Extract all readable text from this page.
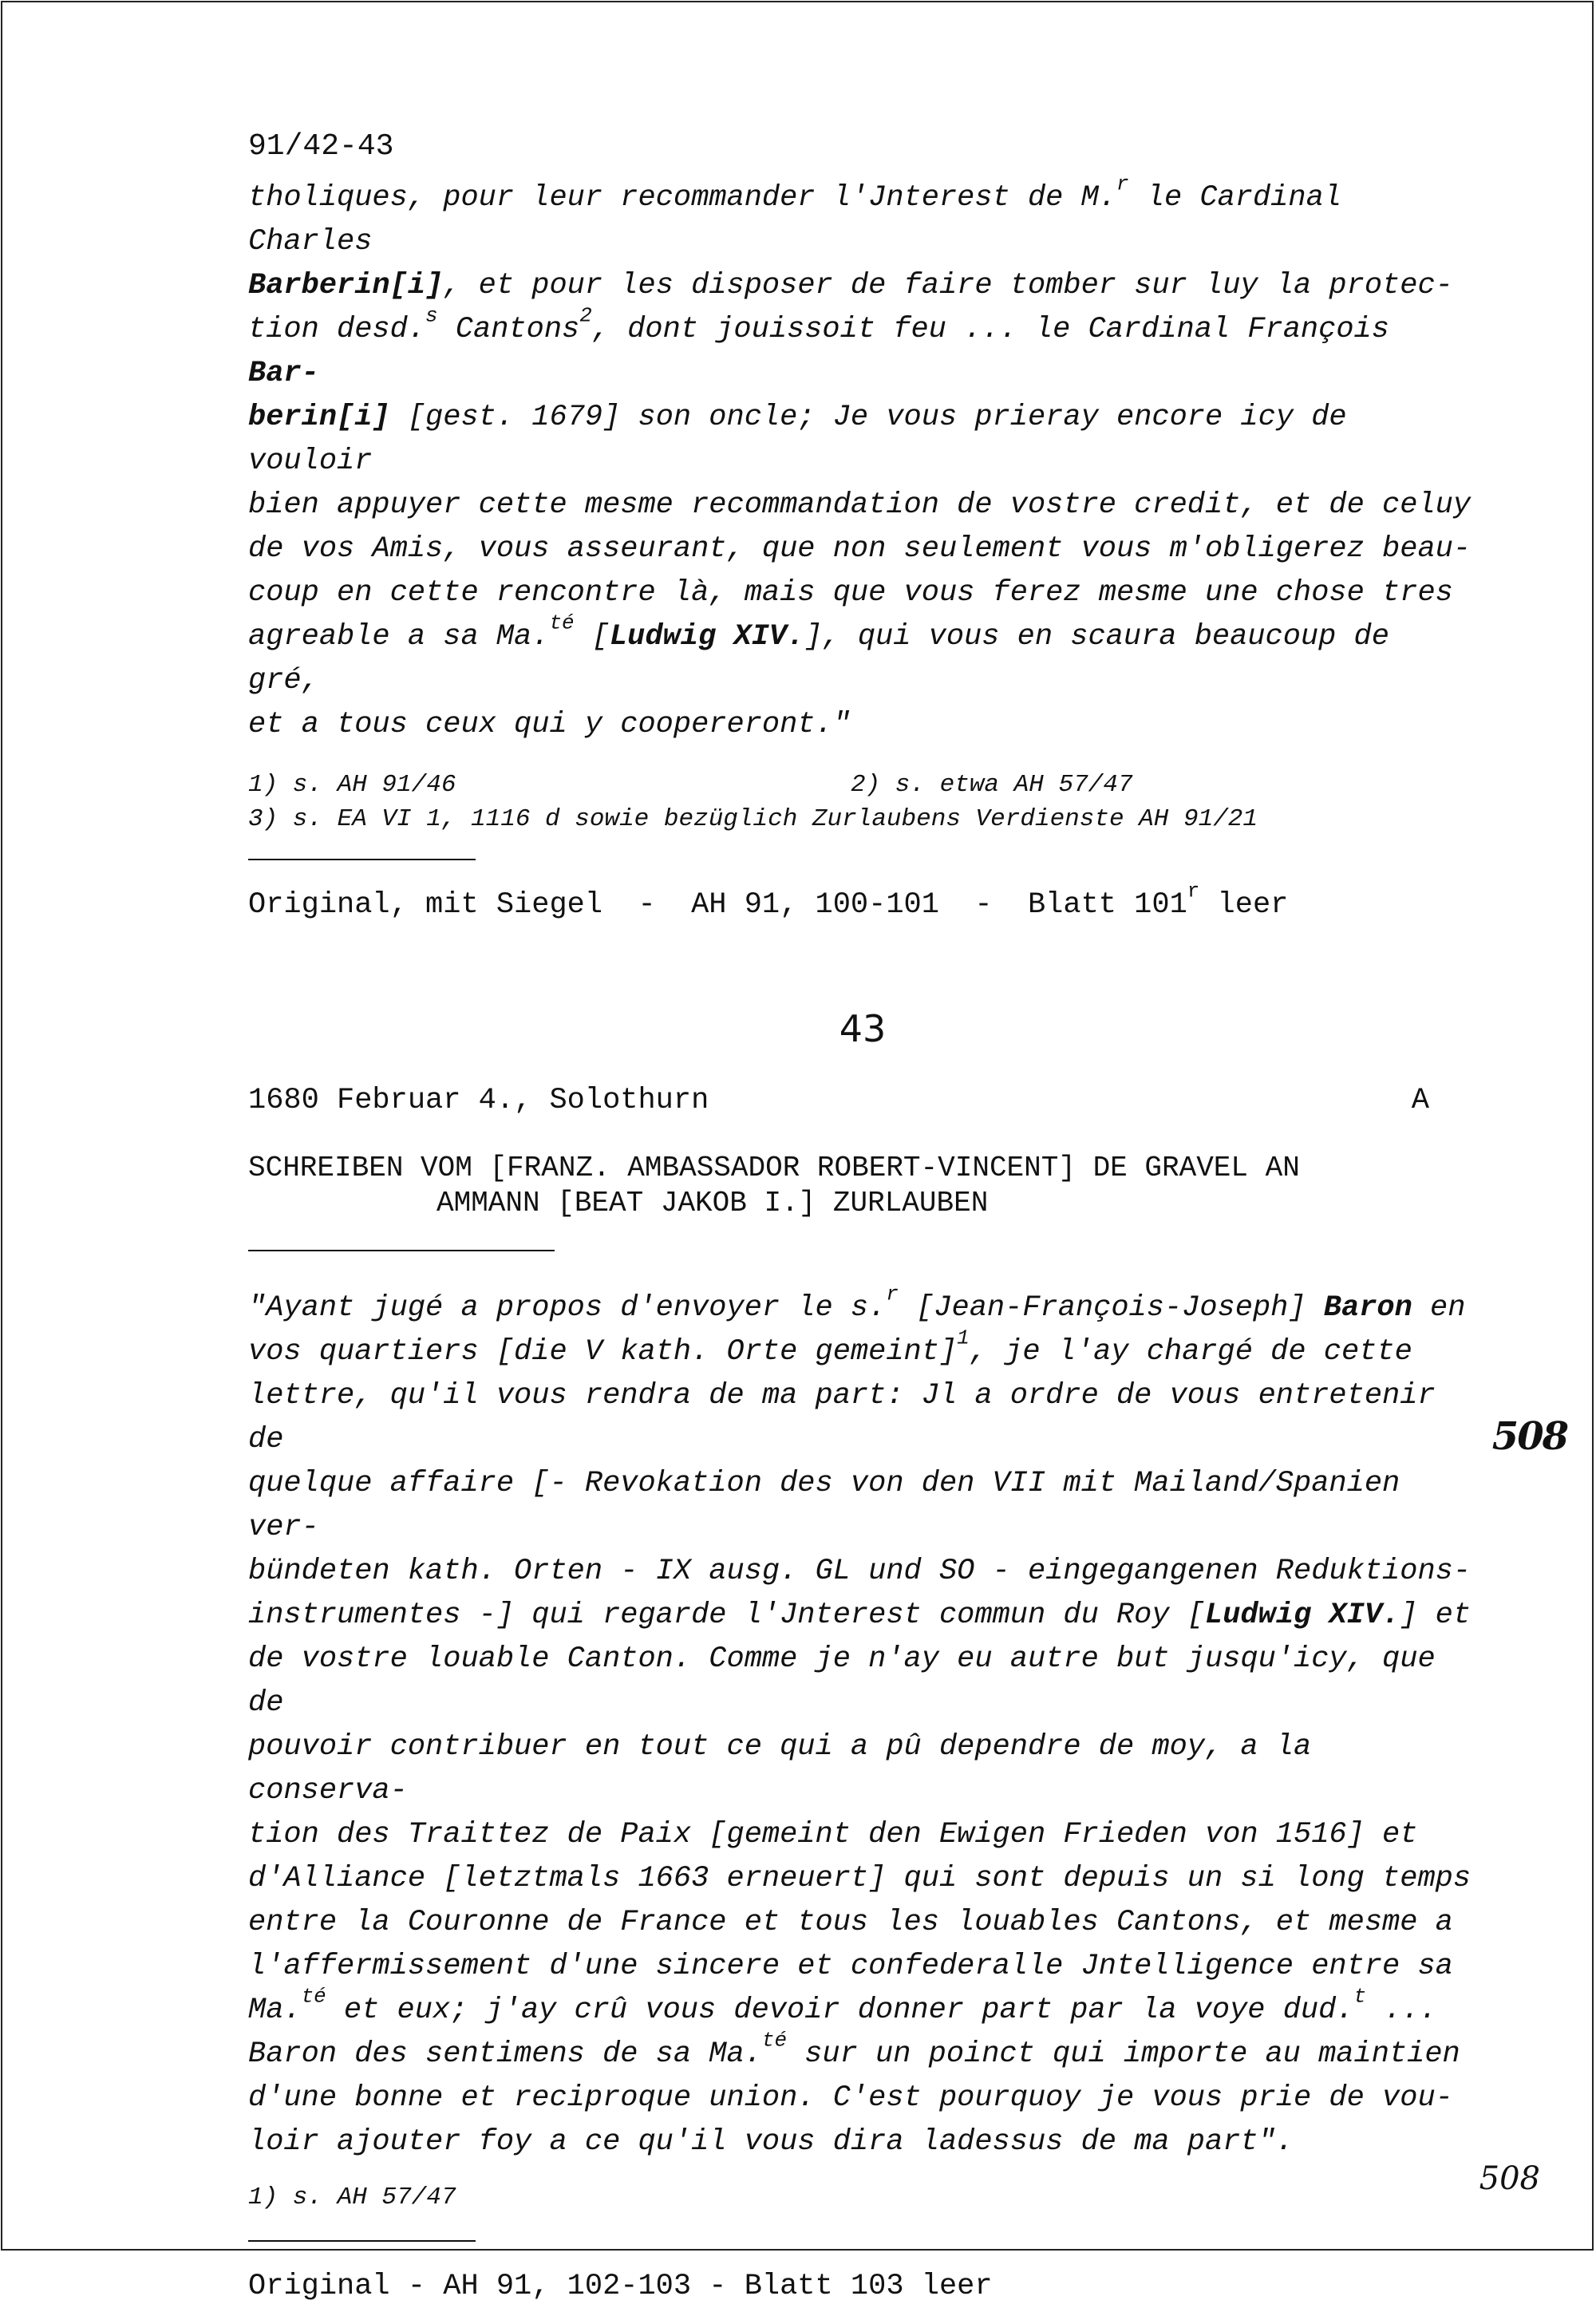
91/42-43
tholiques, pour leur recommander l'Jnterest de M.$^r$ le Cardinal Charles
Barberin[i], et pour les disposer de faire tomber sur luy la protec-
tion desd.$^s$ Cantons$^2$, dont jouissoit feu ... le Cardinal François Bar-
berin[i] [gest. 1679] son oncle; Je vous prieray encore icy de vouloir
bien appuyer cette mesme recommandation de vostre credit, et de celuy
de vos Amis, vous asseurant, que non seulement vous m'obligerez beau-
coup en cette rencontre là, mais que vous ferez mesme une chose tres
agreable a sa Ma.$^{té}$ [Ludwig XIV.], qui vous en scaura beaucoup de gré,
et a tous ceux qui y coopereront."
1) s. AH 91/46	2) s. etwa AH 57/47
3) s. EA VI 1, 1116 d sowie bezüglich Zurlaubens Verdienste AH 91/21
Original, mit Siegel  -  AH 91, 100-101  -  Blatt 101$^r$ leer
43
1680 Februar 4., Solothurn	A
SCHREIBEN VOM [FRANZ. AMBASSADOR ROBERT-VINCENT] DE GRAVEL AN
AMMANN [BEAT JAKOB I.] ZURLAUBEN
"Ayant jugé a propos d'envoyer le s.$^r$ [Jean-François-Joseph] Baron en
vos quartiers [die V kath. Orte gemeint]$^1$, je l'ay chargé de cette
lettre, qu'il vous rendra de ma part: Jl a ordre de vous entretenir de
quelque affaire [- Revokation des von den VII mit Mailand/Spanien ver-
bündeten kath. Orten - IX ausg. GL und SO - eingegangenen Reduktions-
instrumentes -] qui regarde l'Jnterest commun du Roy [Ludwig XIV.] et
de vostre louable Canton. Comme je n'ay eu autre but jusqu'icy, que de
pouvoir contribuer en tout ce qui a pû dependre de moy, a la conserva-
tion des Traittez de Paix [gemeint den Ewigen Frieden von 1516] et
d'Alliance [letztmals 1663 erneuert] qui sont depuis un si long temps
entre la Couronne de France et tous les louables Cantons, et mesme a
l'affermissement d'une sincere et confederalle Jntelligence entre sa
Ma.$^{té}$ et eux; j'ay crû vous devoir donner part par la voye dud.$^t$ ...
Baron des sentimens de sa Ma.$^{té}$ sur un poinct qui importe au maintien
d'une bonne et reciproque union. C'est pourquoy je vous prie de vou-
loir ajouter foy a ce qu'il vous dira ladessus de ma part".
1) s. AH 57/47
Original - AH 91, 102-103 - Blatt 103 leer
508
508
